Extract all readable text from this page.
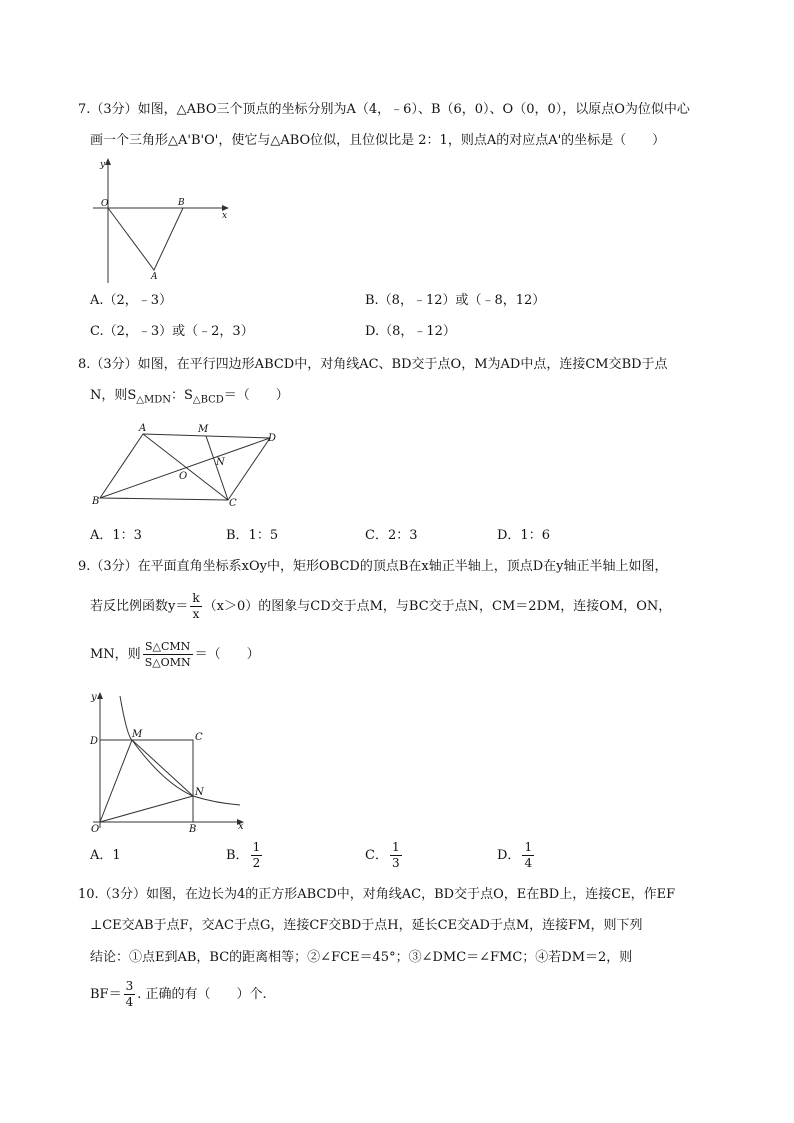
7.（3分）如图，△ABO三个顶点的坐标分别为A（4，﹣6）、B（6，0）、O（0，0），以原点O为位似中心
画一个三角形△A'B'O'，使它与△ABO位似，且位似比是 2：1，则点A的对应点A'的坐标是（　　）
y
O	B
A
x
A.（2，﹣3）	B.（8，﹣12）或（﹣8，12）
C.（2，﹣3）或（﹣2，3）	D.（8，﹣12）
8.（3分）如图，在平行四边形ABCD中，对角线AC、BD交于点O，M为AD中点，连接CM交BD于点
N，则$S_{\triangle MDN}$：$S_{\triangle BCD}=$（　　）
A	M
D
N
O
B	C
A．1：3	B．1：5	C．2：3	D．1：6
9.（3分）在平面直角坐标系xOy中，矩形OBCD的顶点B在x轴正半轴上，顶点D在y轴正半轴上如图，
若反比例函数$y= \frac{k}{x} (x>0)$的图象与CD交于点M，与BC交于点N，CM＝2DM，连接OM，ON，
MN，则 $\frac{\text{S△CMN}}{\text{S△OMN}}$ ＝（　　）
y
D
M	C
N
O	B	x
A．1	B． $\frac{1}{2}$	C． $\frac{1}{3}$	D． $\frac{1}{4}$
10.（3分）如图，在边长为4的正方形ABCD中，对角线AC，BD交于点O，E在BD上，连接CE，作EF
⊥CE交AB于点F，交AC于点G，连接CF交BD于点H，延长CE交AD于点M，连接FM，则下列
结论：①点E到AB，BC的距离相等；②∠FCE＝45°；③∠DMC＝∠FMC；④若DM＝2，则
$BF= \frac{3}{4}$ . 正确的有（　　）个.
